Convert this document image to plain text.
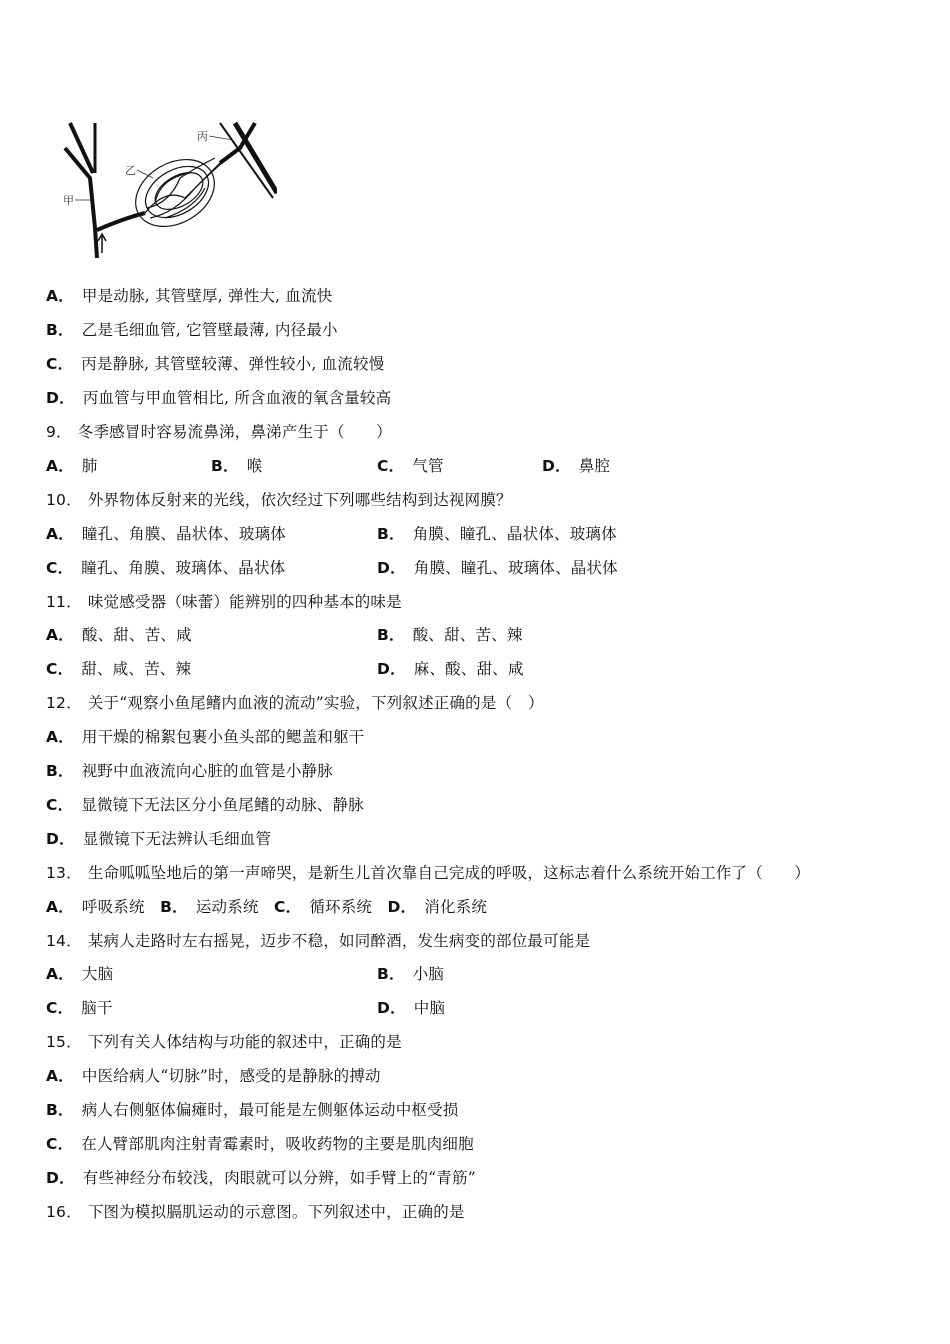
甲
乙
丙
A． 甲是动脉, 其管壁厚, 弹性大, 血流快
B． 乙是毛细血管, 它管壁最薄, 内径最小
C． 丙是静脉, 其管壁较薄、弹性较小, 血流较慢
D． 丙血管与甲血管相比, 所含血液的氧含量较高
9． 冬季感冒时容易流鼻涕，鼻涕产生于（　　）
A． 肺	B． 喉	C． 气管	D． 鼻腔
10． 外界物体反射来的光线，依次经过下列哪些结构到达视网膜？
A． 瞳孔、角膜、晶状体、玻璃体	B． 角膜、瞳孔、晶状体、玻璃体
C． 瞳孔、角膜、玻璃体、晶状体	D． 角膜、瞳孔、玻璃体、晶状体
11． 味觉感受器（味蕾）能辨别的四种基本的味是
A． 酸、甜、苦、咸	B． 酸、甜、苦、辣
C． 甜、咸、苦、辣	D． 麻、酸、甜、咸
12． 关于“观察小鱼尾鳍内血液的流动”实验，下列叙述正确的是（　）
A． 用干燥的棉絮包裹小鱼头部的鳃盖和躯干
B． 视野中血液流向心脏的血管是小静脉
C． 显微镜下无法区分小鱼尾鳍的动脉、静脉
D． 显微镜下无法辨认毛细血管
13． 生命呱呱坠地后的第一声啼哭，是新生儿首次靠自己完成的呼吸，这标志着什么系统开始工作了（　　）
A． 呼吸系统 B． 运动系统 C． 循环系统 D． 消化系统
14． 某病人走路时左右摇晃，迈步不稳，如同醉酒，发生病变的部位最可能是
A． 大脑	B． 小脑
C． 脑干	D． 中脑
15． 下列有关人体结构与功能的叙述中，正确的是
A． 中医给病人“切脉”时，感受的是静脉的搏动
B． 病人右侧躯体偏瘫时，最可能是左侧躯体运动中枢受损
C． 在人臂部肌肉注射青霉素时，吸收药物的主要是肌肉细胞
D． 有些神经分布较浅，肉眼就可以分辨，如手臂上的“青筋”
16． 下图为模拟膈肌运动的示意图。下列叙述中，正确的是
